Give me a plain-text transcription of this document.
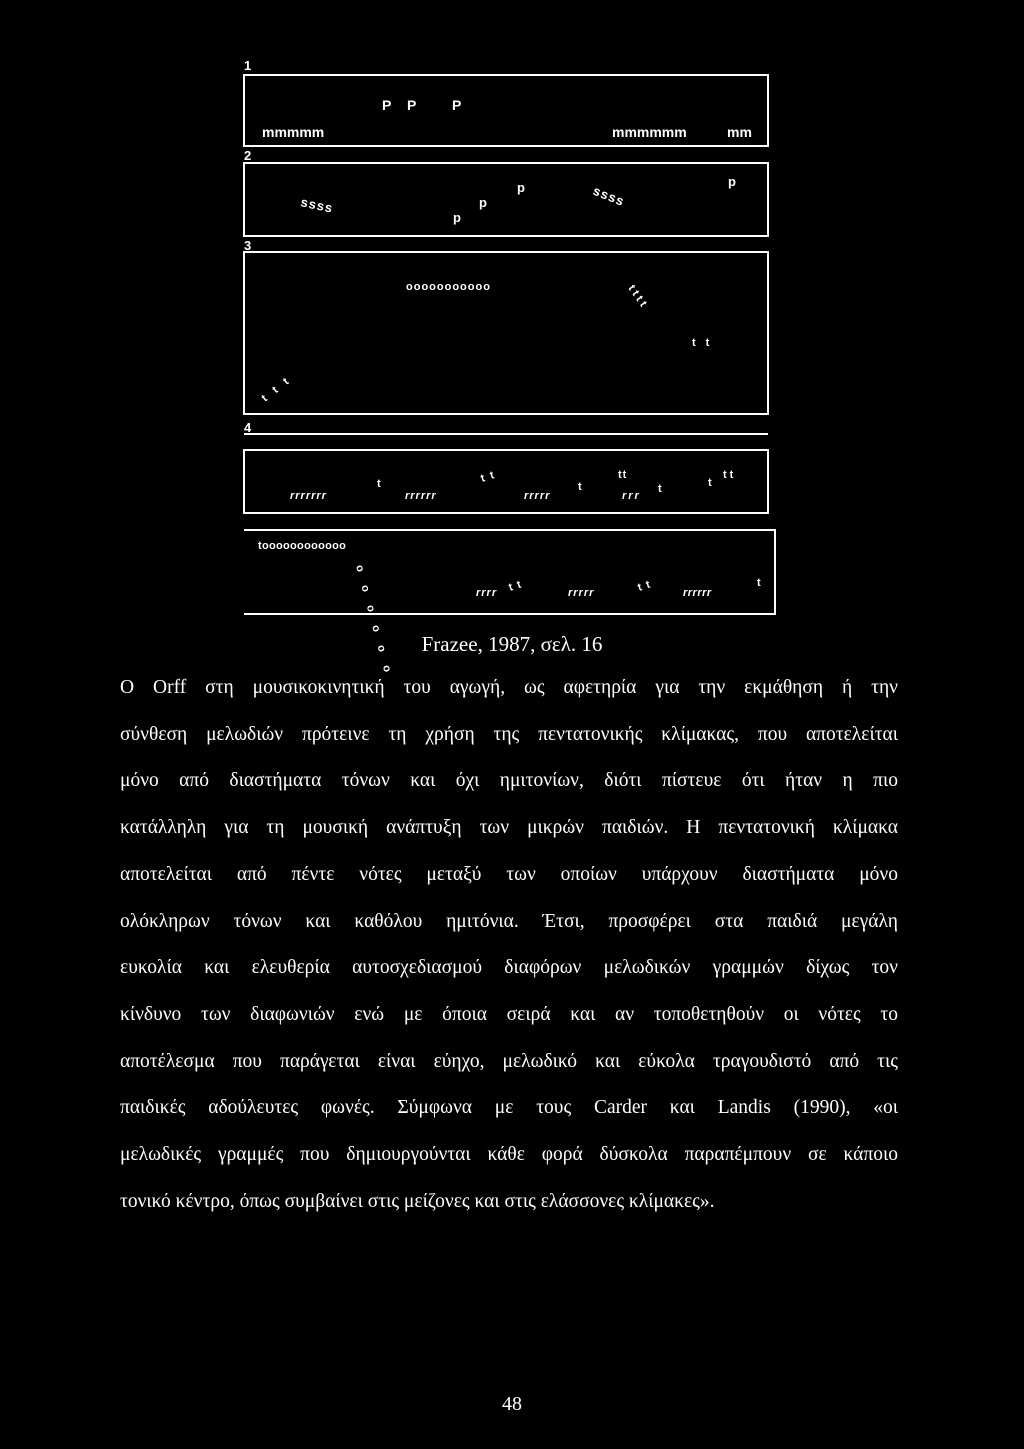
1
2
3
4
mmmmm
P P	P
mmmmmm	mm
ssss
p
p
p	ssss
p
ooooooooooo	tttt
ttt
tt
rrrrrrr
t
rrrrrr
tt
rrrrr
t
tt
rrr
t	t
tt
toooooooooooo
oooooo	rrrr tt	rrrrr	tt rrrrrr
t
Frazee, 1987, σελ. 16
Ο Orff στη μουσικοκινητική του αγωγή, ως αφετηρία για την εκμάθηση ή την
σύνθεση μελωδιών πρότεινε τη χρήση της πεντατονικής κλίμακας, που αποτελείται
μόνο από διαστήματα τόνων και όχι ημιτονίων, διότι πίστευε ότι ήταν η πιο
κατάλληλη για τη μουσική ανάπτυξη των μικρών παιδιών. Η πεντατονική κλίμακα
αποτελείται από πέντε νότες μεταξύ των οποίων υπάρχουν διαστήματα μόνο
ολόκληρων τόνων και καθόλου ημιτόνια. Έτσι, προσφέρει στα παιδιά μεγάλη
ευκολία και ελευθερία αυτοσχεδιασμού διαφόρων μελωδικών γραμμών δίχως τον
κίνδυνο των διαφωνιών ενώ με όποια σειρά και αν τοποθετηθούν οι νότες το
αποτέλεσμα που παράγεται είναι εύηχο, μελωδικό και εύκολα τραγουδιστό από τις
παιδικές αδούλευτες φωνές. Σύμφωνα με τους Carder και Landis (1990), «οι
μελωδικές γραμμές που δημιουργούνται κάθε φορά δύσκολα παραπέμπουν σε κάποιο
τονικό κέντρο, όπως συμβαίνει στις μείζονες και στις ελάσσονες κλίμακες».
48
